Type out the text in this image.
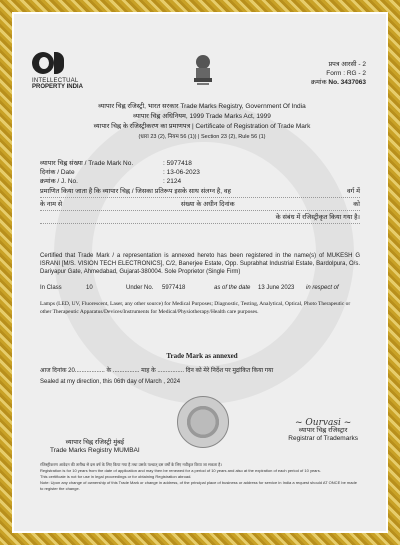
INTELLECTUAL
PROPERTY INDIA
प्रपत्र आरसी - 2
Form : RG - 2
क्रमांक No. 3437063
व्यापार चिह्न रजिस्ट्री, भारत सरकार Trade Marks Registry, Government Of India
व्यापार चिह्न अधिनियम, 1999 Trade Marks Act, 1999
व्यापार चिह्न के रजिस्ट्रीकरण का प्रमाणपत्र | Certificate of Registration of Trade Mark
(धारा 23 (2), नियम 56 (1)) | Section 23 (2), Rule 56 (1)
व्यापार चिह्न संख्या / Trade Mark No.	: 5977418
दिनांक / Date	: 13-06-2023
क्रमांक / J. No.	: 2124
प्रमाणित किया जाता है कि व्यापार चिह्न / जिसका प्रतिरूप इसके साथ संलग्न है, वह	वर्ग में
के नाम से	संख्या के अधीन दिनांक	को
के संबंध में रजिस्ट्रीकृत किया गया है।
Certified that Trade Mark / a representation is annexed hereto has been registered in the name(s) of MUKESH G ISRANI [M/S. VISION TECH ELECTRONICS], C/2, Banerjee Estate, Opp. Suprabhat Industrial Estate, Bardolpura, O/s. Dariyapur Gate, Ahmedabad, Gujarat-380004. Sole Proprietor (Single Firm)
In Class	10	Under No.	5977418	as of the date	13 June 2023	in respect of
Lamps (LED, UV, Fluorescent, Laser, any other source) for Medical Purposes; Diagnostic, Testing, Analytical, Optical, Photo Therapeutic or other Therapeutic Apparatus/Devices/Instruments for Medical/Physiotherapy/Health care purposes.
Trade Mark as annexed
आज दिनांक 20.................. के ................ माह के ................ दिन को मेरे निर्देश पर मुद्रांकित किया गया
Sealed at my direction, this 06th day of March , 2024
व्यापार चिह्न रजिस्ट्री मुंबई
Trade Marks Registry MUMBAI
~ Ourvasi ~
व्यापार चिह्न रजिस्ट्रार
Registrar of Trademarks
रजिस्ट्रीकरण आवेदन की तारीख से दस वर्ष के लिए किया गया है तथा उसके पश्चात् दस वर्षों के लिए नवीकृत किया जा सकता है।
Registration is for 10 years from the date of application and may then be renewed for a period of 10 years and also at the expiration of each period of 10 years.
This certificate is not for use in legal proceedings or for obtaining Registration abroad.
Note: Upon any change of ownership of this Trade Mark or change in address, of the principal place of business or address for service in India a request should AT ONCE be made to register the change.
